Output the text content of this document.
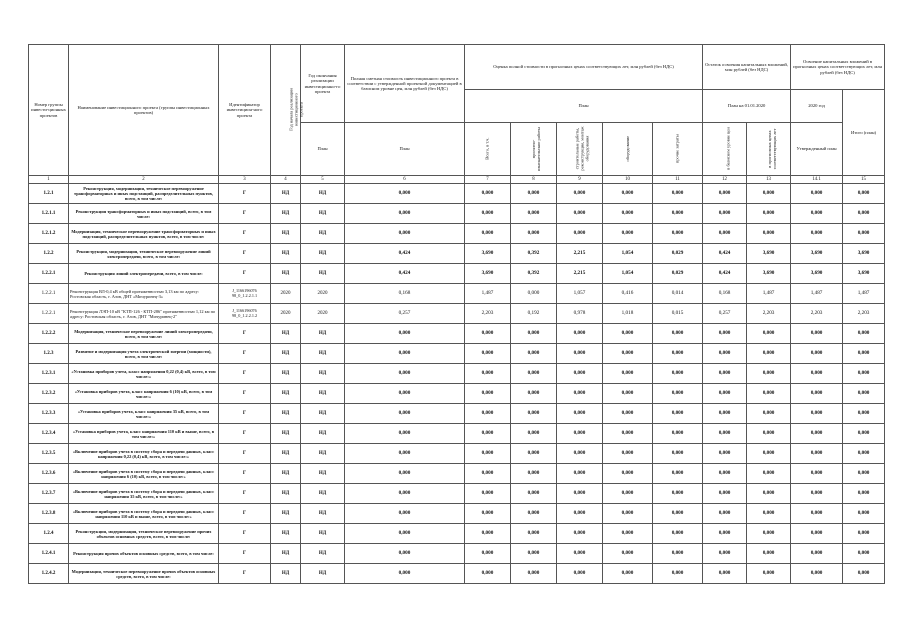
Номер группы инвести-ционных проектов	Наименование инвестиционного проекта (группы инвестиционных проектов)	Идентификатор инвестицион-ного проекта	Год начала реализации инвестиционного проекта	Год окончания реализации инвестиционно-го проекта	Полная сметная стоимость инвестиционного проекта в соответствии с утвержденной проектной документацией в базисном уровне цен, млн рублей (без НДС)	Оценка полной стоимости в прогнозных ценах соответствующих лет, млн рублей (без НДС)					Остаток освоения капитальных вложений, млн рублей (без НДС)		Освоение капитальных вложений в прогнозных ценах соответствующих лет, млн рублей (без НДС)	
						План					План на 01.01.2020		2020 год	Итого (план)
				План	План	Всего, в т.ч.	проектно-изыскательские работы	строительные работы, реконструкция, монтаж оборудования	оборудование	прочие затраты	в базисном уровне цен	в прогнозных ценах соответствующих лет	Утвержденный план	
1	2	3	4	5	6	7	8	9	10	11	12	13	14.1	15
1.2.1	Реконструкция, модернизация, техническое перевооружение трансформаторных и иных подстанций, распределительных пунктов, всего, в том числе:	Г	НД	НД	0,000	0,000	0,000	0,000	0,000	0,000	0,000	0,000	0,000	0,000
1.2.1.1	Реконструкция трансформаторных и иных подстанций, всего, в том числе:	Г	НД	НД	0,000	0,000	0,000	0,000	0,000	0,000	0,000	0,000	0,000	0,000
1.2.1.2	Модернизация, техническое перевооружение трансформаторных и иных подстанций, распределительных пунктов, всего, в том числе:	Г	НД	НД	0,000	0,000	0,000	0,000	0,000	0,000	0,000	0,000	0,000	0,000
1.2.2	Реконструкция, модернизация, техническое перевооружение линий электропередачи, всего, в том числе:	Г	НД	НД	0,424	3,690	0,392	2,215	1,054	0,029	0,424	3,690	3,690	3,690
1.2.2.1	Реконструкция линий электропередачи, всего, в том числе:	Г	НД	НД	0,424	3,690	0,392	2,215	1,054	0,029	0,424	3,690	3,690	3,690
1.2.2.1	Реконструкция ВЛ-0,4 кВ общей протяженностью 3,13 км по адресу: Ростовская область, г. Азов, ДНТ «Мичуринец-3»	J_1166196076 98_0_1.2.2.1.1	2020	2020	0,168	1,487	0,000	1,057	0,416	0,014	0,168	1,487	1,487	1,487
1.2.2.1	Реконструкция ЛЭП-10 кВ "КТП-126 - КТП-286" протяженностью 1,12 км по адресу: Ростовская область, г. Азов, ДНТ "Мичуринец-2"	J_1166196076 98_0_1.2.2.1.2	2020	2020	0,257	2,203	0,192	0,978	1,018	0,015	0,257	2,203	2,203	2,203
1.2.2.2	Модернизация, техническое перевооружение линий электропередачи, всего, в том числе:	Г	НД	НД	0,000	0,000	0,000	0,000	0,000	0,000	0,000	0,000	0,000	0,000
1.2.3	Развитие и модернизация учета электрической энергии (мощности), всего, в том числе:	Г	НД	НД	0,000	0,000	0,000	0,000	0,000	0,000	0,000	0,000	0,000	0,000
1.2.3.1	«Установка приборов учета, класс напряжения 0,22 (0,4) кВ, всего, в том числе:»	Г	НД	НД	0,000	0,000	0,000	0,000	0,000	0,000	0,000	0,000	0,000	0,000
1.2.3.2	«Установка приборов учета, класс напряжения 6 (10) кВ, всего, в том числе:»	Г	НД	НД	0,000	0,000	0,000	0,000	0,000	0,000	0,000	0,000	0,000	0,000
1.2.3.3	«Установка приборов учета, класс напряжения 35 кВ, всего, в том числе:»	Г	НД	НД	0,000	0,000	0,000	0,000	0,000	0,000	0,000	0,000	0,000	0,000
1.2.3.4	«Установка приборов учета, класс напряжения 110 кВ и выше, всего, в том числе:»	Г	НД	НД	0,000	0,000	0,000	0,000	0,000	0,000	0,000	0,000	0,000	0,000
1.2.3.5	«Включение приборов учета в систему сбора и передачи данных, класс напряжения 0,22 (0,4) кВ, всего, в том числе:»	Г	НД	НД	0,000	0,000	0,000	0,000	0,000	0,000	0,000	0,000	0,000	0,000
1.2.3.6	«Включение приборов учета в систему сбора и передачи данных, класс напряжения 6 (10) кВ, всего, в том числе:»	Г	НД	НД	0,000	0,000	0,000	0,000	0,000	0,000	0,000	0,000	0,000	0,000
1.2.3.7	«Включение приборов учета в систему сбора и передачи данных, класс напряжения 35 кВ, всего, в том числе:»	Г	НД	НД	0,000	0,000	0,000	0,000	0,000	0,000	0,000	0,000	0,000	0,000
1.2.3.8	«Включение приборов учета в систему сбора и передачи данных, класс напряжения 110 кВ и выше, всего, в том числе:»	Г	НД	НД	0,000	0,000	0,000	0,000	0,000	0,000	0,000	0,000	0,000	0,000
1.2.4	Реконструкция, модернизация, техническое перевооружение прочих объектов основных средств, всего, в том числе:	Г	НД	НД	0,000	0,000	0,000	0,000	0,000	0,000	0,000	0,000	0,000	0,000
1.2.4.1	Реконструкция прочих объектов основных средств, всего, в том числе:	Г	НД	НД	0,000	0,000	0,000	0,000	0,000	0,000	0,000	0,000	0,000	0,000
1.2.4.2	Модернизация, техническое перевооружение прочих объектов основных средств, всего, в том числе:	Г	НД	НД	0,000	0,000	0,000	0,000	0,000	0,000	0,000	0,000	0,000	0,000
